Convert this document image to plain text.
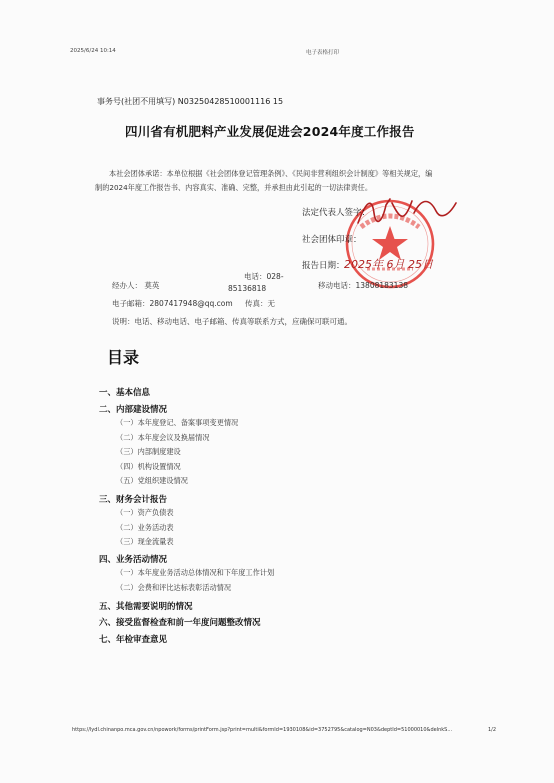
2025/6/24 10:14	电子表格打印
事务号(社团不用填写) N03250428510001116 15
四川省有机肥料产业发展促进会2024年度工作报告
本社会团体承诺：本单位根据《社会团体登记管理条例》、《民间非营利组织会计制度》等相关规定，编
制的2024年度工作报告书、内容真实、准确、完整，并承担由此引起的一切法律责任。
法定代表人签字：
社会团体印章：
报告日期： 2025年 6月 25日
经办人： 莫英
电话：028-
85136818	移动电话：13808183138
电子邮箱：2807417948@qq.com 传真：无
说明：电话、移动电话、电子邮箱、传真等联系方式，应确保可联可通。
目录
一、基本信息
二、内部建设情况
（一）本年度登记、备案事项变更情况
（二）本年度会议及换届情况
（三）内部制度建设
（四）机构设置情况
（五）党组织建设情况
三、财务会计报告
（一）资产负债表
（二）业务活动表
（三）现金流量表
四、业务活动情况
（一）本年度业务活动总体情况和下年度工作计划
（二）会费和评比达标表彰活动情况
五、其他需要说明的情况
六、接受监督检查和前一年度问题整改情况
七、年检审查意见
https://lydl.chinanpo.mca.gov.cn/npowork/forms/printForm.jsp?print=multi&formId=1930108&id=3752795&catalog=N03&deptId=51000010&delnkS...	1/2
